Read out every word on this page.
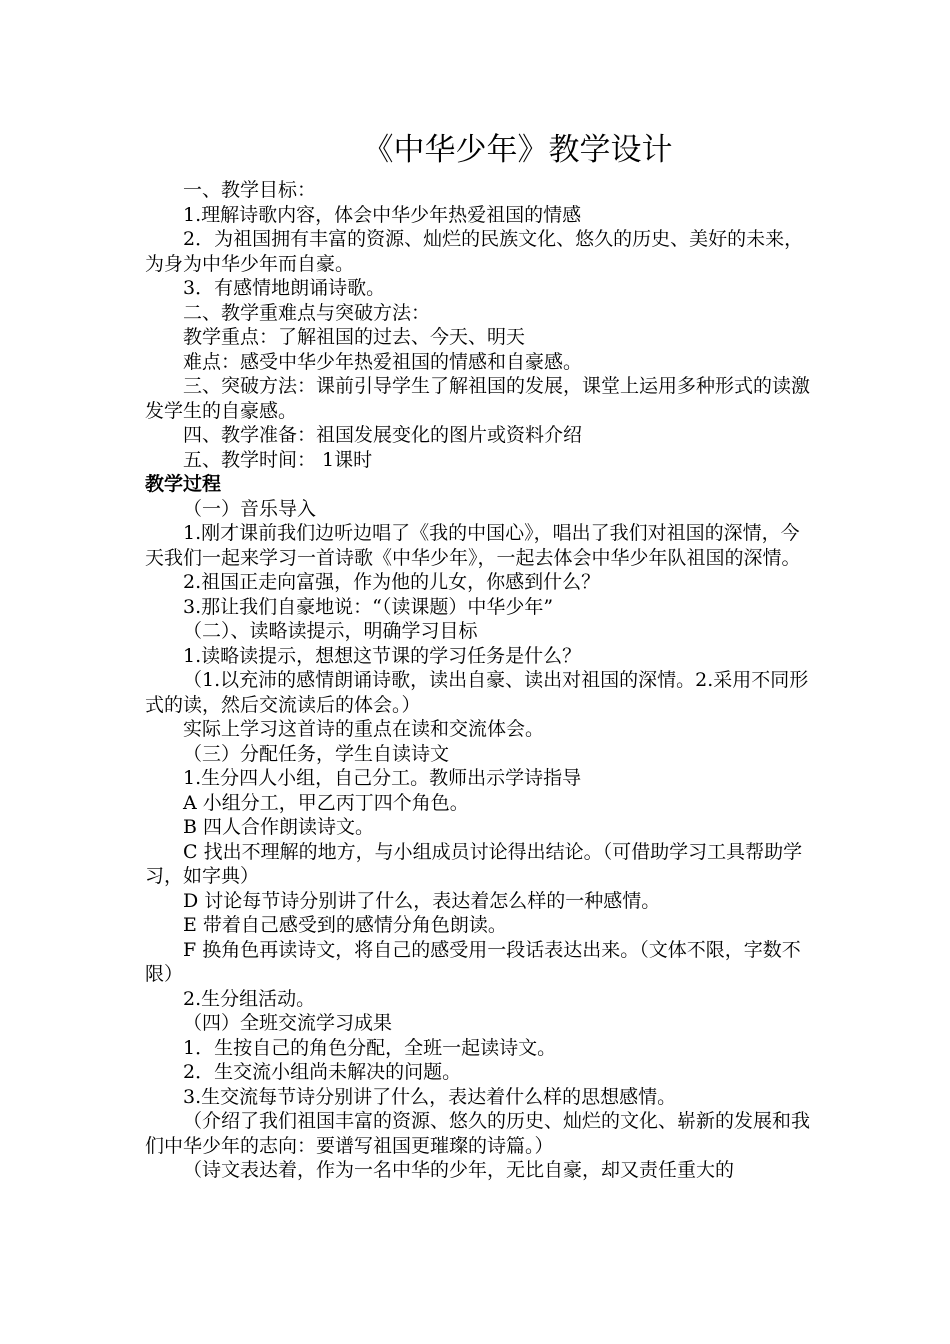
《中华少年》教学设计

一、教学目标：

1.理解诗歌内容，体会中华少年热爱祖国的情感

2．为祖国拥有丰富的资源、灿烂的民族文化、悠久的历史、美好的未来，为身为中华少年而自豪。

3．有感情地朗诵诗歌。

二、教学重难点与突破方法：

教学重点：了解祖国的过去、今天、明天

难点：感受中华少年热爱祖国的情感和自豪感。

三、突破方法：课前引导学生了解祖国的发展，课堂上运用多种形式的读激发学生的自豪感。

四、教学准备：祖国发展变化的图片或资料介绍

五、教学时间： 1课时

教学过程

（一）音乐导入

1.刚才课前我们边听边唱了《我的中国心》，唱出了我们对祖国的深情，今天我们一起来学习一首诗歌《中华少年》，一起去体会中华少年队祖国的深情。

2.祖国正走向富强，作为他的儿女，你感到什么？

3.那让我们自豪地说：“（读课题）中华少年”

（二）、读略读提示，明确学习目标

1.读略读提示，想想这节课的学习任务是什么？

（1.以充沛的感情朗诵诗歌，读出自豪、读出对祖国的深情。2.采用不同形式的读，然后交流读后的体会。）

实际上学习这首诗的重点在读和交流体会。

（三）分配任务，学生自读诗文

1.生分四人小组，自己分工。教师出示学诗指导

A 小组分工，甲乙丙丁四个角色。

B 四人合作朗读诗文。

C 找出不理解的地方，与小组成员讨论得出结论。（可借助学习工具帮助学习，如字典）

D 讨论每节诗分别讲了什么，表达着怎么样的一种感情。

E 带着自己感受到的感情分角色朗读。

F 换角色再读诗文，将自己的感受用一段话表达出来。（文体不限，字数不限）

2.生分组活动。

（四）全班交流学习成果

1．生按自己的角色分配，全班一起读诗文。

2．生交流小组尚未解决的问题。

3.生交流每节诗分别讲了什么，表达着什么样的思想感情。

（介绍了我们祖国丰富的资源、悠久的历史、灿烂的文化、崭新的发展和我们中华少年的志向：要谱写祖国更璀璨的诗篇。）

（诗文表达着，作为一名中华的少年，无比自豪，却又责任重大的
